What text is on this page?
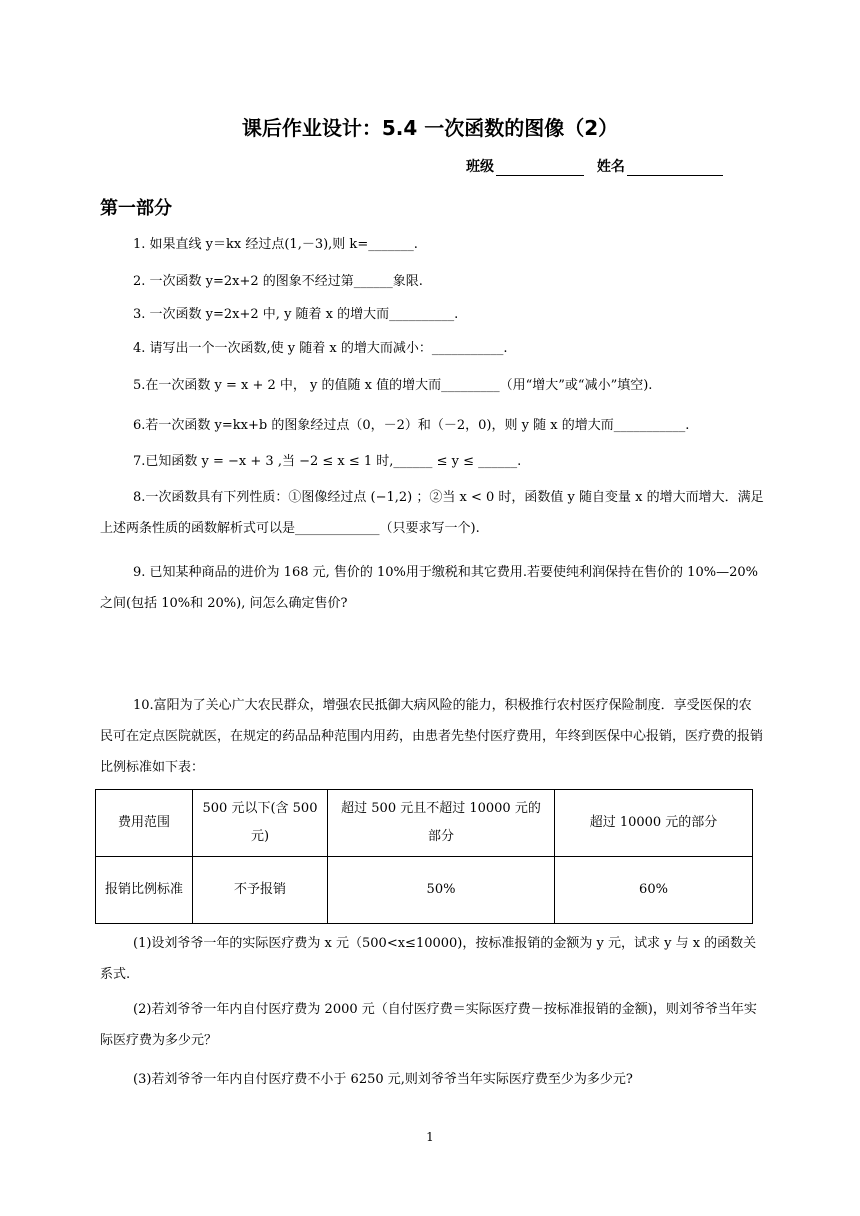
课后作业设计：5.4 一次函数的图像（2）
班级	姓名
第一部分
1. 如果直线 y＝kx 经过点(1,－3),则 k=_______.
2. 一次函数 y=2x+2 的图象不经过第______象限.
3. 一次函数 y=2x+2 中, y 随着 x 的增大而__________.
4. 请写出一个一次函数,使 y 随着 x 的增大而减小：___________.
5.在一次函数 y = x + 2 中， y 的值随 x 值的增大而_________（用“增大”或“减小”填空).
6.若一次函数 y=kx+b 的图象经过点（0，－2）和（－2，0)，则 y 随 x 的增大而___________.
7.已知函数 y = −x + 3 ,当 −2 ≤ x ≤ 1 时,______ ≤ y ≤ ______.
8.一次函数具有下列性质：①图像经过点 (−1,2) ；②当 x < 0 时，函数值 y 随自变量 x 的增大而增大．满足上述两条性质的函数解析式可以是_____________（只要求写一个).
9. 已知某种商品的进价为 168 元, 售价的 10%用于缴税和其它费用.若要使纯利润保持在售价的 10%—20%之间(包括 10%和 20%), 问怎么确定售价?
10.富阳为了关心广大农民群众，增强农民抵御大病风险的能力，积极推行农村医疗保险制度．享受医保的农民可在定点医院就医，在规定的药品品种范围内用药，由患者先垫付医疗费用，年终到医保中心报销，医疗费的报销比例标准如下表：
费用范围	500 元以下(含 500 元)	超过 500 元且不超过 10000 元的部分	超过 10000 元的部分
报销比例标准	不予报销	50%	60%
(1)设刘爷爷一年的实际医疗费为 x 元（500<x≤10000)，按标准报销的金额为 y 元，试求 y 与 x 的函数关系式.
(2)若刘爷爷一年内自付医疗费为 2000 元（自付医疗费＝实际医疗费－按标准报销的金额)，则刘爷爷当年实际医疗费为多少元？
(3)若刘爷爷一年内自付医疗费不小于 6250 元,则刘爷爷当年实际医疗费至少为多少元?
1
